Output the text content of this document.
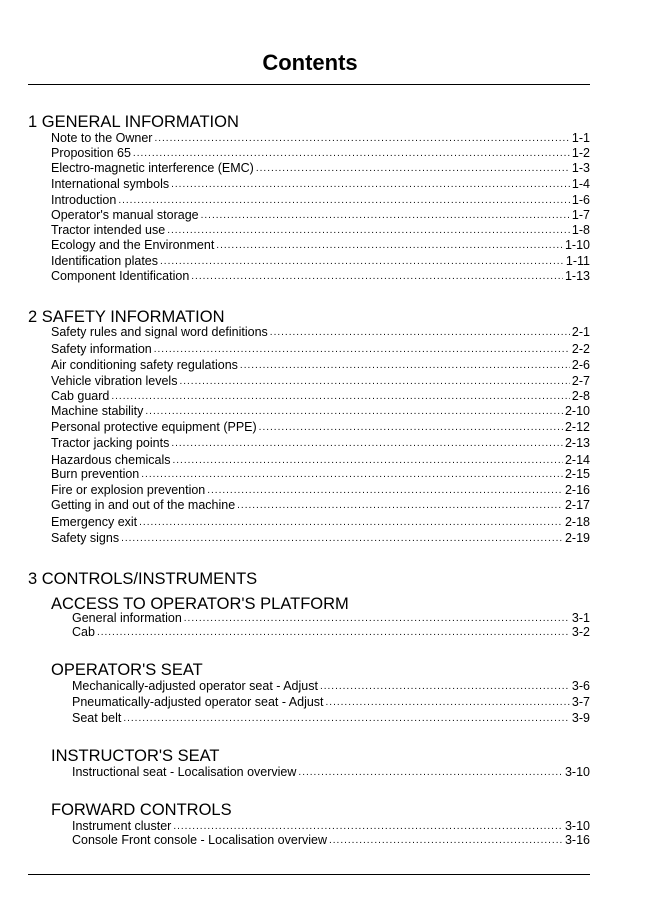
Contents
1 GENERAL INFORMATION
Note to the Owner .....	1-1
Proposition 65 .....	1-2
Electro-magnetic interference (EMC) .....	1-3
International symbols .....	1-4
Introduction .....	1-6
Operator's manual storage .....	1-7
Tractor intended use .....	1-8
Ecology and the Environment .....	1-10
Identification plates .....	1-11
Component Identification .....	1-13
2 SAFETY INFORMATION
Safety rules and signal word definitions .....	2-1
Safety information .....	2-2
Air conditioning safety regulations .....	2-6
Vehicle vibration levels .....	2-7
Cab guard .....	2-8
Machine stability .....	2-10
Personal protective equipment (PPE) .....	2-12
Tractor jacking points .....	2-13
Hazardous chemicals .....	2-14
Burn prevention .....	2-15
Fire or explosion prevention .....	2-16
Getting in and out of the machine .....	2-17
Emergency exit .....	2-18
Safety signs .....	2-19
3 CONTROLS/INSTRUMENTS
ACCESS TO OPERATOR'S PLATFORM
General information .....	3-1
Cab .....	3-2
OPERATOR'S SEAT
Mechanically-adjusted operator seat - Adjust .....	3-6
Pneumatically-adjusted operator seat - Adjust .....	3-7
Seat belt .....	3-9
INSTRUCTOR'S SEAT
Instructional seat - Localisation overview .....	3-10
FORWARD CONTROLS
Instrument cluster .....	3-10
Console Front console - Localisation overview .....	3-16
